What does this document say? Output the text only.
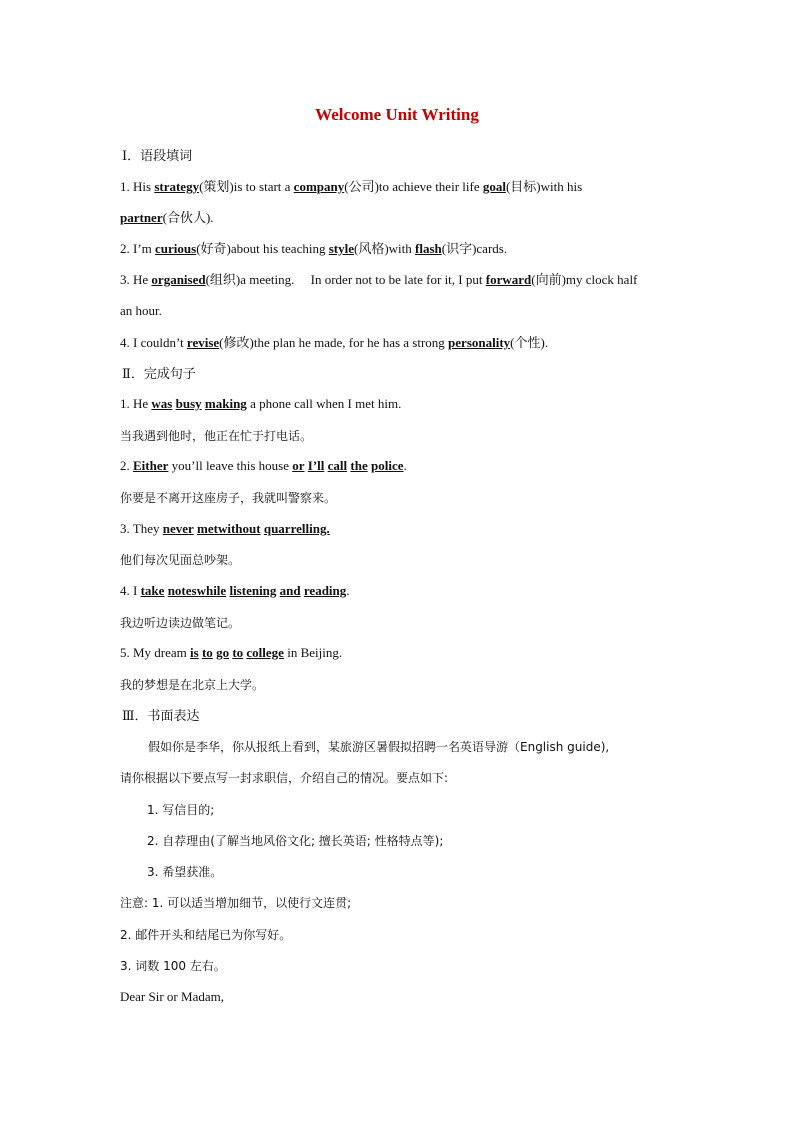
Welcome Unit Writing
Ⅰ．语段填词
1. His strategy(策划)is to start a company(公司)to achieve their life goal(目标)with his
partner(合伙人).
2. I’m curious(好奇)about his teaching style(风格)with flash(识字)cards.
3. He organised(组织)a meeting.     In order not to be late for it, I put forward(向前)my clock half
an hour.
4. I couldn’t revise(修改)the plan he made, for he has a strong personality(个性).
Ⅱ．完成句子
1. He was busy making a phone call when I met him.
当我遇到他时，他正在忙于打电话。
2. Either you’ll leave this house or I’ll call the police.
你要是不离开这座房子，我就叫警察来。
3. They never metwithout quarrelling.
他们每次见面总吵架。
4. I take noteswhile listening and reading.
我边听边读边做笔记。
5. My dream is to go to college in Beijing.
我的梦想是在北京上大学。
Ⅲ．书面表达
假如你是李华，你从报纸上看到，某旅游区暑假拟招聘一名英语导游（English guide),
请你根据以下要点写一封求职信，介绍自己的情况。要点如下:
1. 写信目的;
2. 自荐理由(了解当地风俗文化; 擅长英语; 性格特点等);
3. 希望获准。
注意: 1. 可以适当增加细节，以使行文连贯;
2. 邮件开头和结尾已为你写好。
3. 词数 100 左右。
Dear Sir or Madam,
